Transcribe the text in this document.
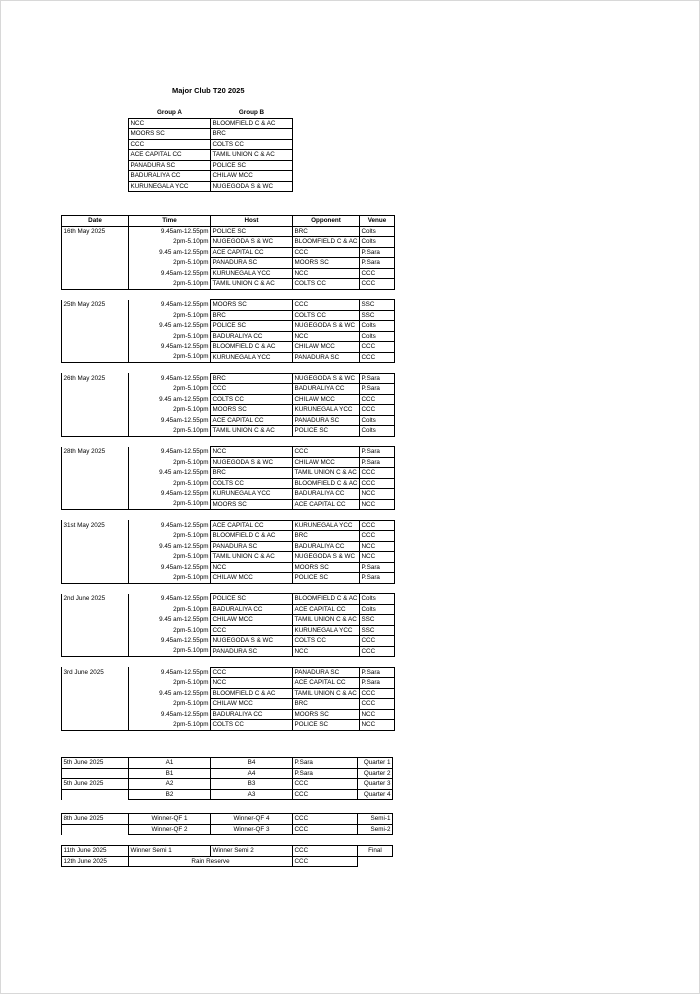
Major Club T20 2025
Group A	Group B
NCC	BLOOMFIELD C & AC
MOORS SC	BRC
CCC	COLTS CC
ACE CAPITAL CC	TAMIL UNION C & AC
PANADURA SC	POLICE SC
BADURALIYA CC	CHILAW MCC
KURUNEGALA YCC	NUGEGODA S & WC
Date	Time	Host	Opponent	Venue
16th May 2025	9.45am-12.55pm	POLICE SC	BRC	Colts
	2pm-5.10pm	NUGEGODA S & WC	BLOOMFIELD C & AC	Colts
	9.45 am-12.55pm	ACE CAPITAL CC	CCC	P.Sara
	2pm-5.10pm	PANADURA SC	MOORS SC	P.Sara
	9.45am-12.55pm	KURUNEGALA YCC	NCC	CCC
	2pm-5.10pm	TAMIL UNION C & AC	COLTS CC	CCC

25th May 2025	9.45am-12.55pm	MOORS SC	CCC	SSC
	2pm-5.10pm	BRC	COLTS CC	SSC
	9.45 am-12.55pm	POLICE SC	NUGEGODA S & WC	Colts
	2pm-5.10pm	BADURALIYA CC	NCC	Colts
	9.45am-12.55pm	BLOOMFIELD C & AC	CHILAW MCC	CCC
	2pm-5.10pm	KURUNEGALA YCC	PANADURA SC	CCC

26th May 2025	9.45am-12.55pm	BRC	NUGEGODA S & WC	P.Sara
	2pm-5.10pm	CCC	BADURALIYA CC	P.Sara
	9.45 am-12.55pm	COLTS CC	CHILAW MCC	CCC
	2pm-5.10pm	MOORS SC	KURUNEGALA YCC	CCC
	9.45am-12.55pm	ACE CAPITAL CC	PANADURA SC	Colts
	2pm-5.10pm	TAMIL UNION C & AC	POLICE SC	Colts

28th May 2025	9.45am-12.55pm	NCC	CCC	P.Sara
	2pm-5.10pm	NUGEGODA S & WC	CHILAW MCC	P.Sara
	9.45 am-12.55pm	BRC	TAMIL UNION C & AC	CCC
	2pm-5.10pm	COLTS CC	BLOOMFIELD C & AC	CCC
	9.45am-12.55pm	KURUNEGALA YCC	BADURALIYA CC	NCC
	2pm-5.10pm	MOORS SC	ACE CAPITAL CC	NCC

31st May 2025	9.45am-12.55pm	ACE CAPITAL CC	KURUNEGALA YCC	CCC
	2pm-5.10pm	BLOOMFIELD C & AC	BRC	CCC
	9.45 am-12.55pm	PANADURA SC	BADURALIYA CC	NCC
	2pm-5.10pm	TAMIL UNION C & AC	NUGEGODA S & WC	NCC
	9.45am-12.55pm	NCC	MOORS SC	P.Sara
	2pm-5.10pm	CHILAW MCC	POLICE SC	P.Sara

2nd June 2025	9.45am-12.55pm	POLICE SC	BLOOMFIELD C & AC	Colts
	2pm-5.10pm	BADURALIYA CC	ACE CAPITAL CC	Colts
	9.45 am-12.55pm	CHILAW MCC	TAMIL UNION C & AC	SSC
	2pm-5.10pm	CCC	KURUNEGALA YCC	SSC
	9.45am-12.55pm	NUGEGODA S & WC	COLTS CC	CCC
	2pm-5.10pm	PANADURA SC	NCC	CCC

3rd June 2025	9.45am-12.55pm	CCC	PANADURA SC	P.Sara
	2pm-5.10pm	NCC	ACE CAPITAL CC	P.Sara
	9.45 am-12.55pm	BLOOMFIELD C & AC	TAMIL UNION C & AC	CCC
	2pm-5.10pm	CHILAW MCC	BRC	CCC
	9.45am-12.55pm	BADURALIYA CC	MOORS SC	NCC
	2pm-5.10pm	COLTS CC	POLICE SC	NCC
5th June 2025	A1	B4	P.Sara	Quarter 1
	B1	A4	P.Sara	Quarter 2
5th June 2025	A2	B3	CCC	Quarter 3
	B2	A3	CCC	Quarter 4
8th June 2025	Winner-QF 1	Winner-QF 4	CCC	Semi-1
	Winner-QF 2	Winner-QF 3	CCC	Semi-2
11th June 2025	Winner Semi 1	Winner Semi 2	CCC	Final
12th June 2025	Rain Reserve		CCC	
